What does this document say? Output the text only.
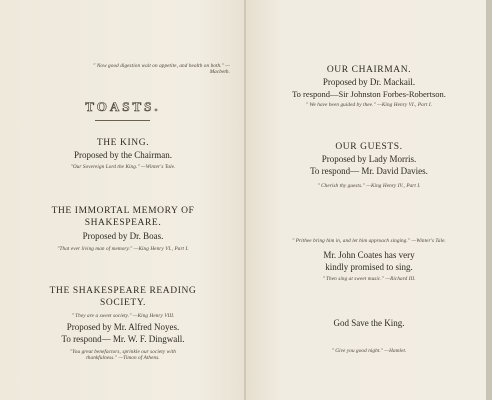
" Now good digestion wait on appetite, and health on both." —
Macbeth.
TOASTS.
THE KING.
Proposed by the Chairman.
"Our Sovereign Lord the King." —Winter's Tale.
THE IMMORTAL MEMORY OF
SHAKESPEARE.
Proposed by Dr. Boas.
"That ever living man of memory." —King Henry VI., Part I.
THE SHAKESPEARE READING
SOCIETY.
" They are a sweet society." —King Henry VIII.
Proposed by Mr. Alfred Noyes.
To respond— Mr. W. F. Dingwall.
"You great benefactors, sprinkle our society with
thankfulness." —Timon of Athens.
OUR CHAIRMAN.
Proposed by Dr. Mackail.
To respond—Sir Johnston Forbes-Robertson.
" We have been guided by thee." —King Henry VI., Part I.
OUR GUESTS.
Proposed by Lady Morris.
To respond— Mr. David Davies.
" Cherish thy guests." —King Henry IV., Part I.
" Prithee bring him in, and let him approach singing." —Winter's Tale.
Mr. John Coates has very
kindly promised to sing.
" Then sing at sweet music." —Richard III.
God Save the King.
" Give you good night." —Hamlet.
